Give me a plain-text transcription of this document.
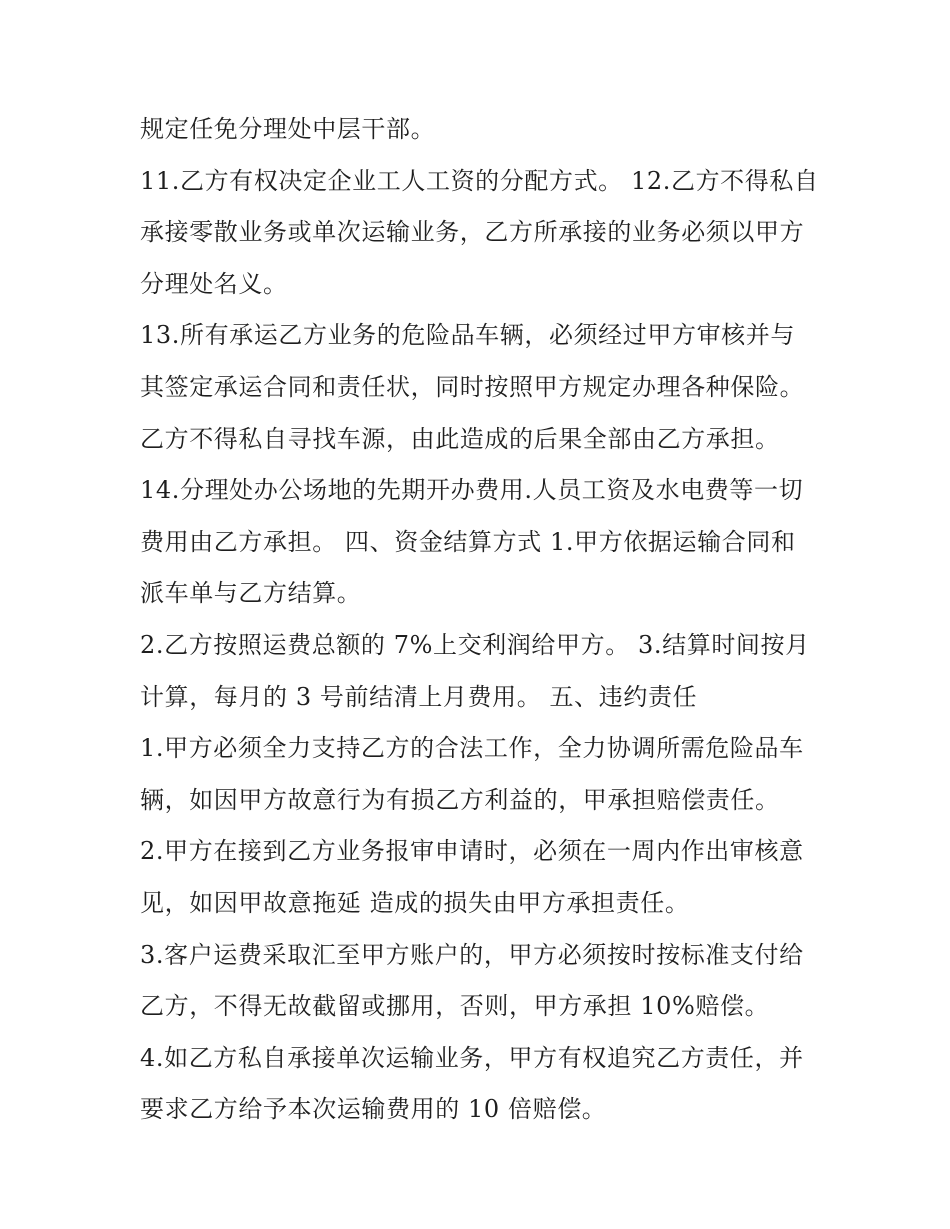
规定任免分理处中层干部。
11.乙方有权决定企业工人工资的分配方式。 12.乙方不得私自
承接零散业务或单次运输业务，乙方所承接的业务必须以甲方
分理处名义。
13.所有承运乙方业务的危险品车辆，必须经过甲方审核并与
其签定承运合同和责任状，同时按照甲方规定办理各种保险。
乙方不得私自寻找车源，由此造成的后果全部由乙方承担。
14.分理处办公场地的先期开办费用.人员工资及水电费等一切
费用由乙方承担。 四、资金结算方式 1.甲方依据运输合同和
派车单与乙方结算。
2.乙方按照运费总额的 7%上交利润给甲方。 3.结算时间按月
计算，每月的 3 号前结清上月费用。 五、违约责任
1.甲方必须全力支持乙方的合法工作，全力协调所需危险品车
辆，如因甲方故意行为有损乙方利益的，甲承担赔偿责任。
2.甲方在接到乙方业务报审申请时，必须在一周内作出审核意
见，如因甲故意拖延 造成的损失由甲方承担责任。
3.客户运费采取汇至甲方账户的，甲方必须按时按标准支付给
乙方，不得无故截留或挪用，否则，甲方承担 10%赔偿。
4.如乙方私自承接单次运输业务，甲方有权追究乙方责任，并
要求乙方给予本次运输费用的 10 倍赔偿。
